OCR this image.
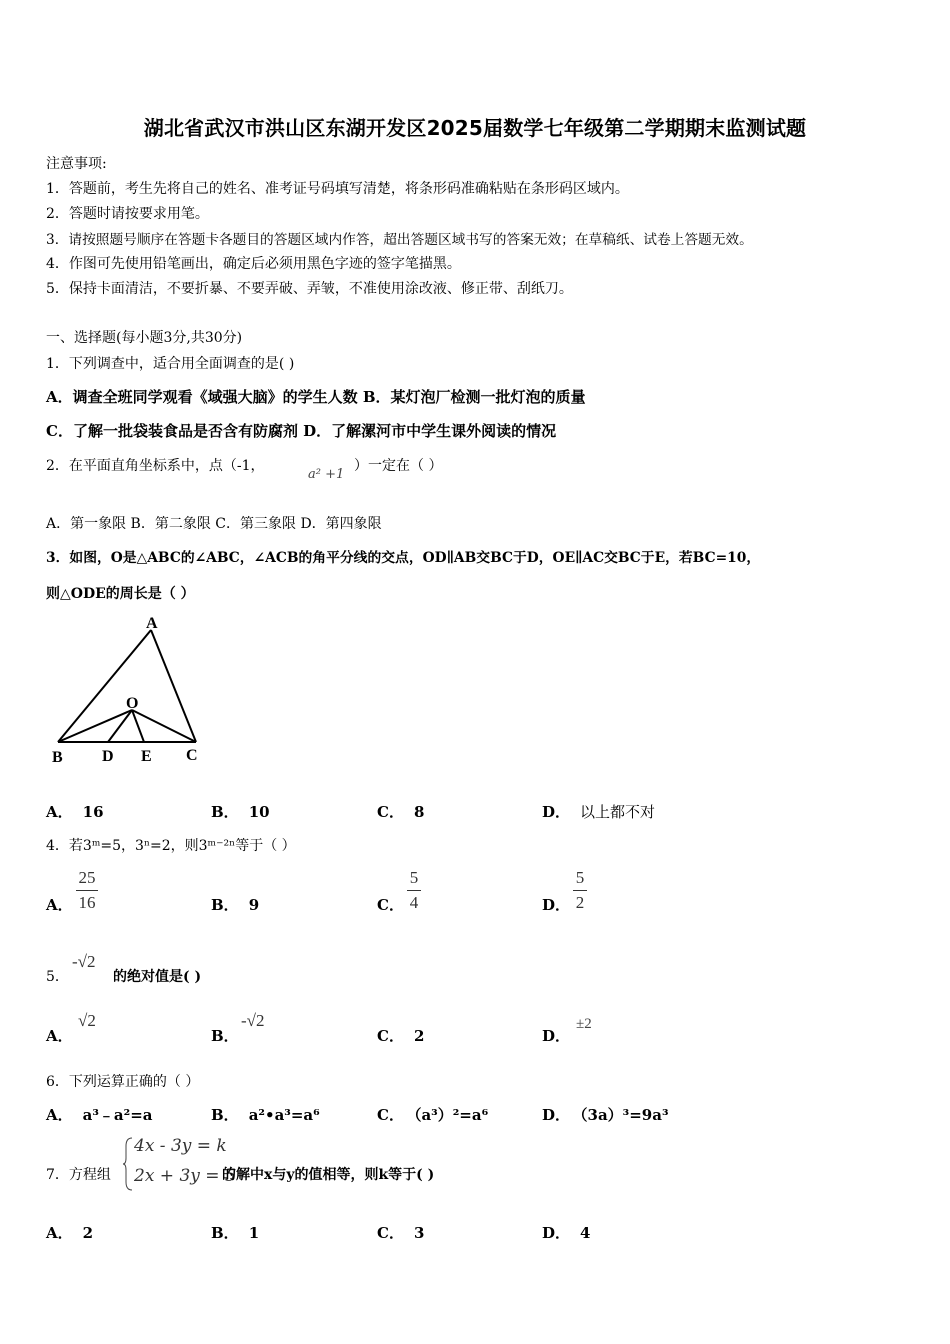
湖北省武汉市洪山区东湖开发区2025届数学七年级第二学期期末监测试题
注意事项:
1．答题前，考生先将自己的姓名、准考证号码填写清楚，将条形码准确粘贴在条形码区域内。
2．答题时请按要求用笔。
3．请按照题号顺序在答题卡各题目的答题区域内作答，超出答题区域书写的答案无效；在草稿纸、试卷上答题无效。
4．作图可先使用铅笔画出，确定后必须用黑色字迹的签字笔描黑。
5．保持卡面清洁，不要折暴、不要弄破、弄皱，不准使用涂改液、修正带、刮纸刀。
一、选择题(每小题3分,共30分)
1．下列调查中，适合用全面调查的是( )
A．调查全班同学观看《域强大脑》的学生人数 B．某灯泡厂检测一批灯泡的质量
C．了解一批袋装食品是否含有防腐剂 D．了解漯河市中学生课外阅读的情况
2．在平面直角坐标系中，点（-1，
a² +1
）一定在（ ）
A．第一象限 B．第二象限 C．第三象限 D．第四象限
3．如图，O是△ABC的∠ABC，∠ACB的角平分线的交点，OD∥AB交BC于D，OE∥AC交BC于E，若BC=10，
则△ODE的周长是（ ）
A
O
B D E C
A． 16	B． 10	C． 8	D． 以上都不对
4．若3ᵐ=5，3ⁿ=2，则3ᵐ⁻²ⁿ等于（ ）
A．
25
16	B． 9	C．
5
4	D．
5
2
5．
-√2
的绝对值是( )
A．
√2
B．
-√2
C． 2	D．
±2
6．下列运算正确的（ ）
A． a³﹣a²=a	B． a²•a³=a⁶	C． （a³）²=a⁶	D． （3a）³=9a³
7．方程组
4x - 3y = k
2x + 3y = 5
的解中x与y的值相等，则k等于( )
A． 2	B． 1	C． 3	D． 4
